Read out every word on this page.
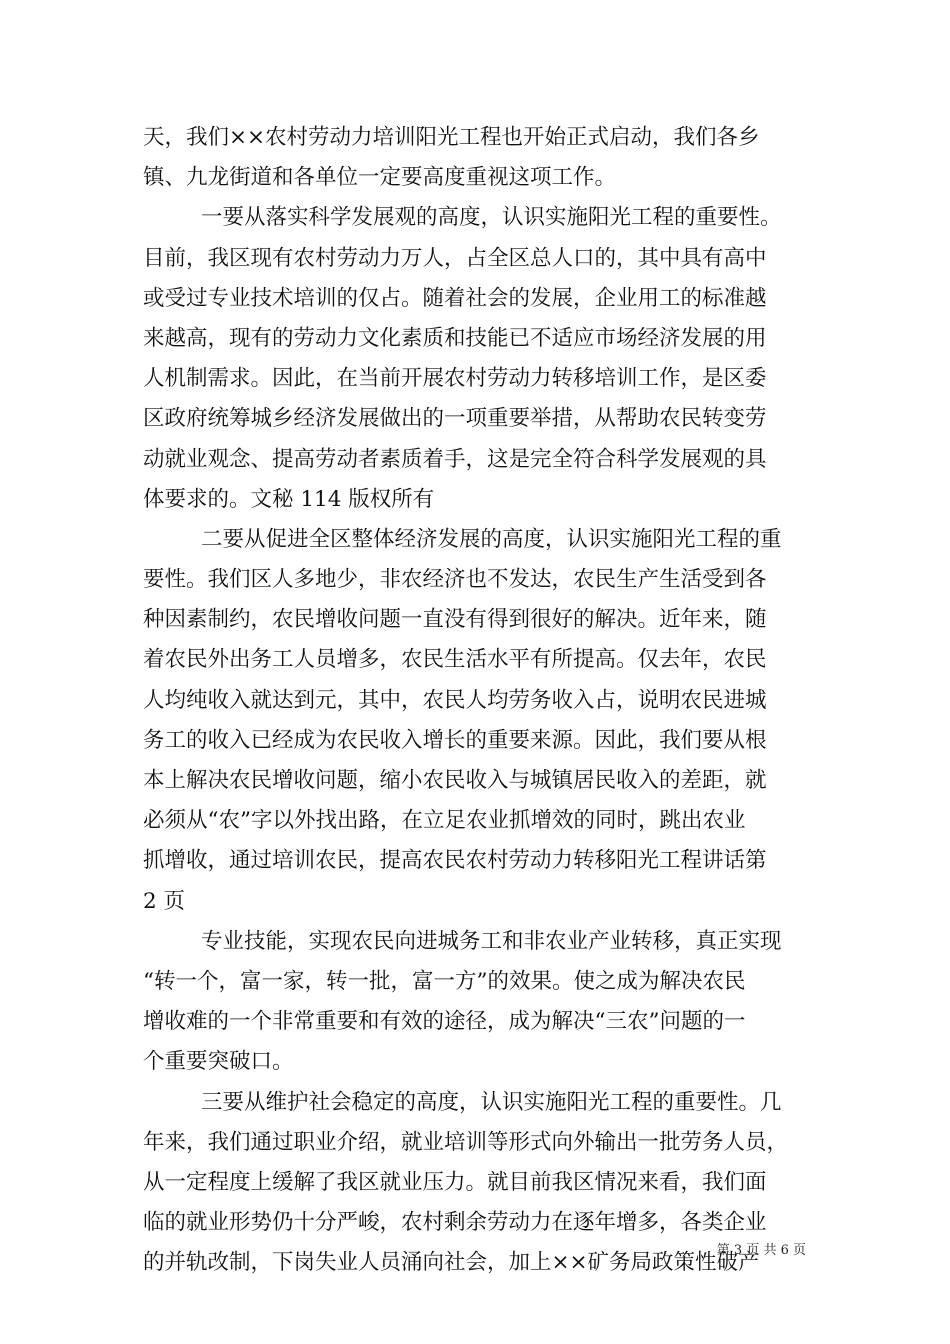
天，我们××农村劳动力培训阳光工程也开始正式启动，我们各乡
镇、九龙街道和各单位一定要高度重视这项工作。
一要从落实科学发展观的高度，认识实施阳光工程的重要性。
目前，我区现有农村劳动力万人，占全区总人口的，其中具有高中
或受过专业技术培训的仅占。随着社会的发展，企业用工的标准越
来越高，现有的劳动力文化素质和技能已不适应市场经济发展的用
人机制需求。因此，在当前开展农村劳动力转移培训工作，是区委
区政府统筹城乡经济发展做出的一项重要举措，从帮助农民转变劳
动就业观念、提高劳动者素质着手，这是完全符合科学发展观的具
体要求的。文秘 114 版权所有
二要从促进全区整体经济发展的高度，认识实施阳光工程的重
要性。我们区人多地少，非农经济也不发达，农民生产生活受到各
种因素制约，农民增收问题一直没有得到很好的解决。近年来，随
着农民外出务工人员增多，农民生活水平有所提高。仅去年，农民
人均纯收入就达到元，其中，农民人均劳务收入占，说明农民进城
务工的收入已经成为农民收入增长的重要来源。因此，我们要从根
本上解决农民增收问题，缩小农民收入与城镇居民收入的差距，就
必须从“农”字以外找出路，在立足农业抓增效的同时，跳出农业
抓增收，通过培训农民，提高农民农村劳动力转移阳光工程讲话第
2 页
专业技能，实现农民向进城务工和非农业产业转移，真正实现
“转一个，富一家，转一批，富一方”的效果。使之成为解决农民
增收难的一个非常重要和有效的途径，成为解决“三农”问题的一
个重要突破口。
三要从维护社会稳定的高度，认识实施阳光工程的重要性。几
年来，我们通过职业介绍，就业培训等形式向外输出一批劳务人员，
从一定程度上缓解了我区就业压力。就目前我区情况来看，我们面
临的就业形势仍十分严峻，农村剩余劳动力在逐年增多，各类企业
的并轨改制，下岗失业人员涌向社会，加上××矿务局政策性破产
第 3 页 共 6 页
